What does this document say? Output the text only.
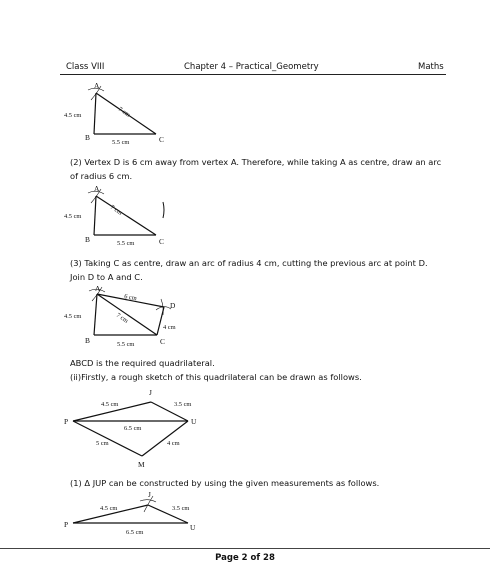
Class VIII	Chapter 4 – Practical_Geometry	Maths
A
B	C
4.5 cm	7 cm
5.5 cm
(2) Vertex D is 6 cm away from vertex A. Therefore, while taking A as centre, draw an arc of radius 6 cm.
A
B	C
4.5 cm	7 cm
5.5 cm
(3) Taking C as centre, draw an arc of radius 4 cm, cutting the previous arc at point D. Join D to A and C.
A
B	C
D
4.5 cm
6 cm
7 cm
4 cm
5.5 cm
ABCD is the required quadrilateral.
(ii)Firstly, a rough sketch of this quadrilateral can be drawn as follows.
P
J
U
M
4.5 cm	3.5 cm
6.5 cm
5 cm	4 cm
(1) Δ JUP can be constructed by using the given measurements as follows.
P
J
U
4.5 cm	3.5 cm
6.5 cm
Page 2 of 28
